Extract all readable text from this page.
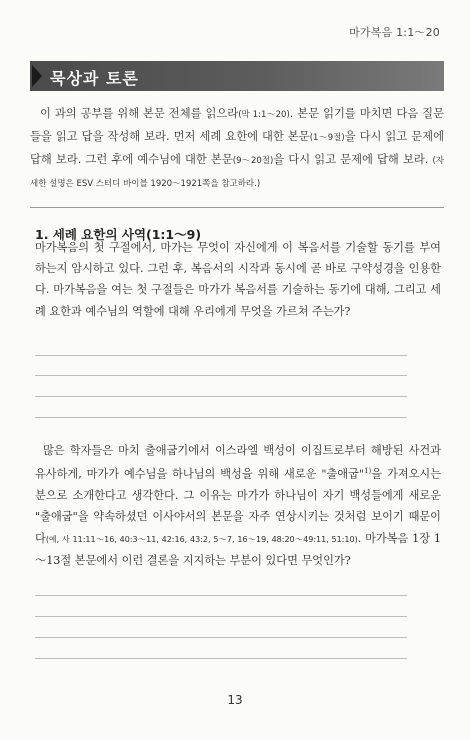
마가복음 1:1～20
묵상과 토론

이 과의 공부를 위해 본문 전체를 읽으라(막 1:1～20). 본문 읽기를 마치면 다음 질문들을 읽고 답을 작성해 보라. 먼저 세례 요한에 대한 본문(1～9절)을 다시 읽고 문제에 답해 보라. 그런 후에 예수님에 대한 본문(9～20절)을 다시 읽고 문제에 답해 보라. (자세한 설명은 ESV 스터디 바이블 1920～1921쪽을 참고하라.)

1. 세례 요한의 사역(1:1～9)

마가복음의 첫 구절에서, 마가는 무엇이 자신에게 이 복음서를 기술할 동기를 부여하는지 암시하고 있다. 그런 후, 복음서의 시작과 동시에 곧 바로 구약성경을 인용한다. 마가복음을 여는 첫 구절들은 마가가 복음서를 기술하는 동기에 대해, 그리고 세례 요한과 예수님의 역할에 대해 우리에게 무엇을 가르쳐 주는가?

많은 학자들은 마치 출애굽기에서 이스라엘 백성이 이집트로부터 해방된 사건과 유사하게, 마가가 예수님을 하나님의 백성을 위해 새로운 "출애굽"$^{1)}$을 가져오시는 분으로 소개한다고 생각한다. 그 이유는 마가가 하나님이 자기 백성들에게 새로운 "출애굽"을 약속하셨던 이사야서의 본문을 자주 연상시키는 것처럼 보이기 때문이다(예, 사 11:11～16, 40:3～11, 42:16, 43:2, 5～7, 16～19, 48:20～49:11, 51:10). 마가복음 1장 1～13절 본문에서 이런 결론을 지지하는 부분이 있다면 무엇인가?

13
